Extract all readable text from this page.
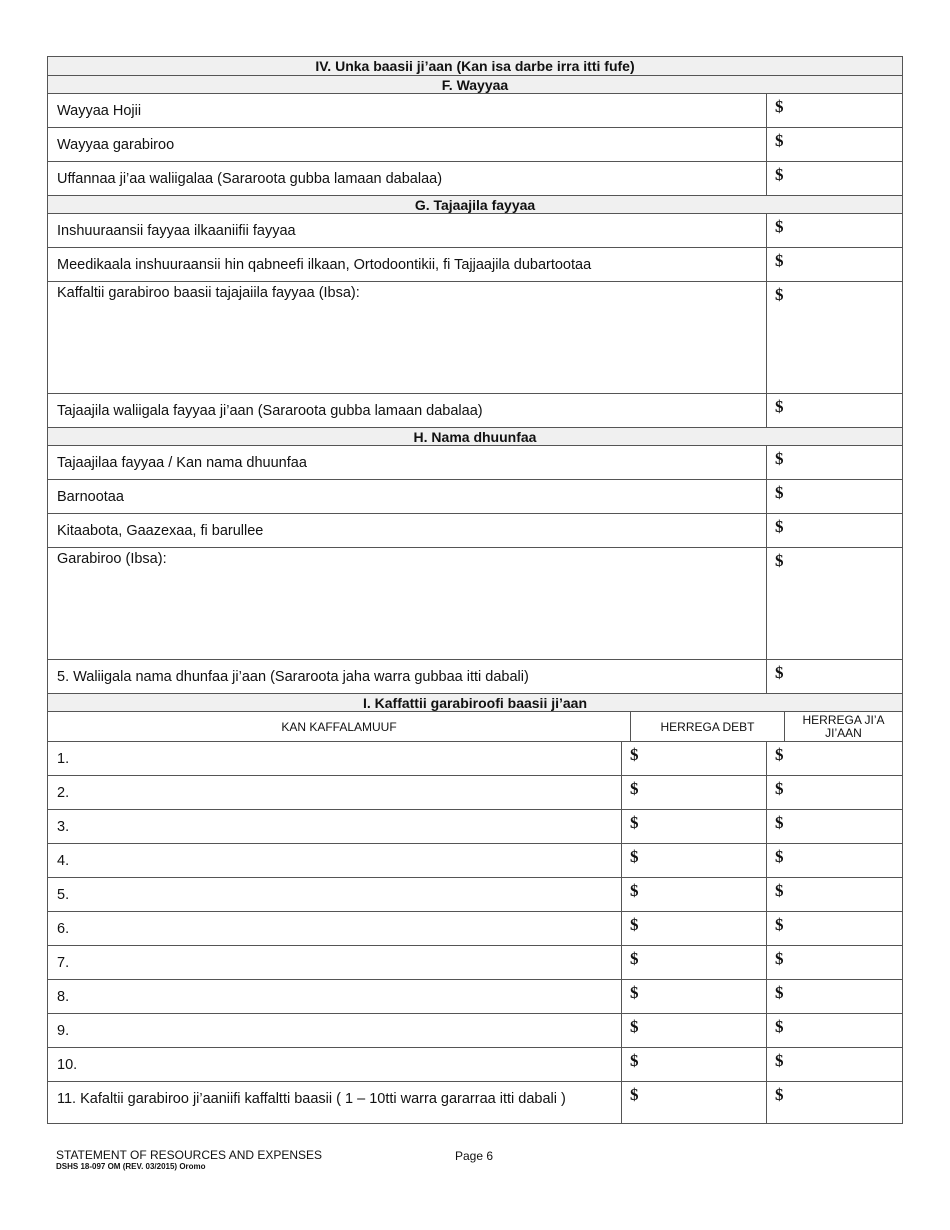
IV. Unka baasii ji’aan (Kan isa darbe irra itti fufe)
F. Wayyaa
Wayyaa Hojii	$
Wayyaa garabiroo	$
Uffannaa ji’aa waliigalaa (Sararoota gubba lamaan dabalaa)	$
G. Tajaajila fayyaa
Inshuuraansii fayyaa ilkaaniifii fayyaa	$
Meedikaala inshuuraansii hin qabneefi ilkaan, Ortodoontikii, fi Tajjaajila dubartootaa	$
Kaffaltii garabiroo baasii tajajaiila fayyaa (Ibsa):	$
Tajaajila waliigala fayyaa ji’aan (Sararoota gubba lamaan dabalaa)	$
H. Nama dhuunfaa
Tajaajilaa fayyaa / Kan nama dhuunfaa	$
Barnootaa	$
Kitaabota, Gaazexaa, fi barullee	$
Garabiroo (Ibsa):	$
5. Waliigala nama dhunfaa ji’aan (Sararoota jaha warra gubbaa itti dabali)	$
I. Kaffattii garabiroofi baasii ji’aan
KAN KAFFALAMUUF	HERREGA DEBT	HERREGA JI’A JI’AAN
1.	$	$
2.	$	$
3.	$	$
4.	$	$
5.	$	$
6.	$	$
7.	$	$
8.	$	$
9.	$	$
10.	$	$
11. Kafaltii garabiroo ji’aaniifi kaffaltti baasii ( 1 – 10tti warra gararraa itti dabali )	$	$
STATEMENT OF RESOURCES AND EXPENSES
DSHS 18-097 OM (REV. 03/2015) Oromo
Page 6
